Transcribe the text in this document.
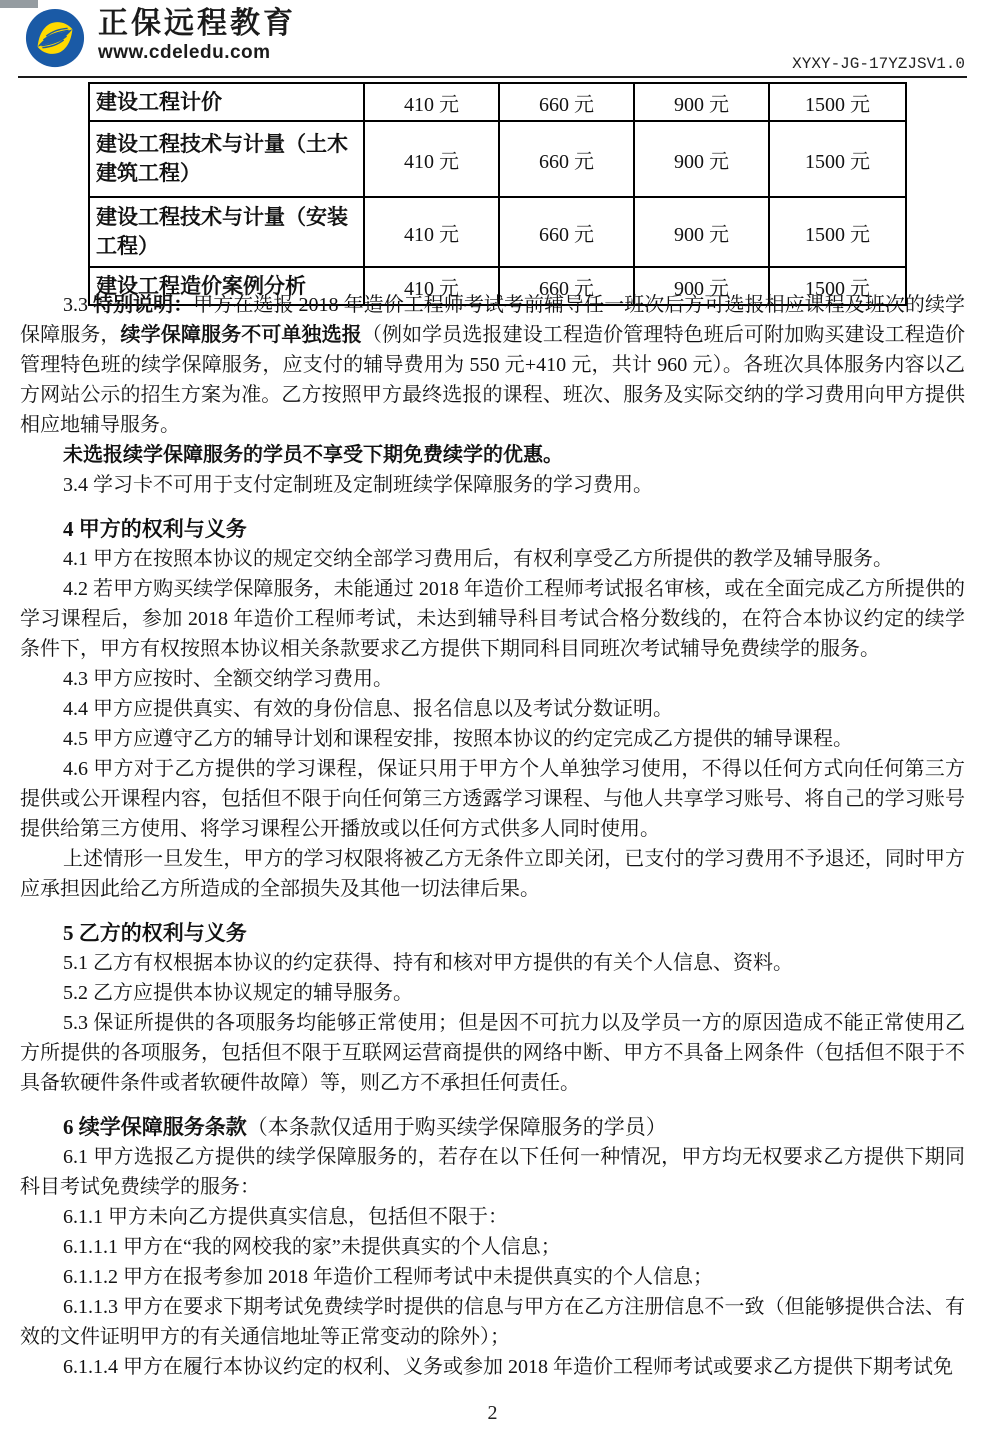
正保远程教育
www.cdeledu.com
XYXY-JG-17YZJSV1.0
建设工程计价	410 元	660 元	900 元	1500 元
建设工程技术与计量（土木建筑工程）	410 元	660 元	900 元	1500 元
建设工程技术与计量（安装工程）	410 元	660 元	900 元	1500 元
建设工程造价案例分析	410 元	660 元	900 元	1500 元

3.3 特别说明：甲方在选报 2018 年造价工程师考试考前辅导任一班次后方可选报相应课程及班次的续学保障服务，续学保障服务不可单独选报（例如学员选报建设工程造价管理特色班后可附加购买建设工程造价管理特色班的续学保障服务，应支付的辅导费用为 550 元+410 元，共计 960 元）。各班次具体服务内容以乙方网站公示的招生方案为准。乙方按照甲方最终选报的课程、班次、服务及实际交纳的学习费用向甲方提供相应地辅导服务。

未选报续学保障服务的学员不享受下期免费续学的优惠。

3.4 学习卡不可用于支付定制班及定制班续学保障服务的学习费用。

4 甲方的权利与义务

4.1 甲方在按照本协议的规定交纳全部学习费用后，有权利享受乙方所提供的教学及辅导服务。

4.2 若甲方购买续学保障服务，未能通过 2018 年造价工程师考试报名审核，或在全面完成乙方所提供的学习课程后，参加 2018 年造价工程师考试，未达到辅导科目考试合格分数线的，在符合本协议约定的续学条件下，甲方有权按照本协议相关条款要求乙方提供下期同科目同班次考试辅导免费续学的服务。

4.3 甲方应按时、全额交纳学习费用。

4.4 甲方应提供真实、有效的身份信息、报名信息以及考试分数证明。

4.5 甲方应遵守乙方的辅导计划和课程安排，按照本协议的约定完成乙方提供的辅导课程。

4.6 甲方对于乙方提供的学习课程，保证只用于甲方个人单独学习使用，不得以任何方式向任何第三方提供或公开课程内容，包括但不限于向任何第三方透露学习课程、与他人共享学习账号、将自己的学习账号提供给第三方使用、将学习课程公开播放或以任何方式供多人同时使用。

上述情形一旦发生，甲方的学习权限将被乙方无条件立即关闭，已支付的学习费用不予退还，同时甲方应承担因此给乙方所造成的全部损失及其他一切法律后果。

5 乙方的权利与义务

5.1 乙方有权根据本协议的约定获得、持有和核对甲方提供的有关个人信息、资料。

5.2 乙方应提供本协议规定的辅导服务。

5.3 保证所提供的各项服务均能够正常使用；但是因不可抗力以及学员一方的原因造成不能正常使用乙方所提供的各项服务，包括但不限于互联网运营商提供的网络中断、甲方不具备上网条件（包括但不限于不具备软硬件条件或者软硬件故障）等，则乙方不承担任何责任。

6 续学保障服务条款（本条款仅适用于购买续学保障服务的学员）

6.1 甲方选报乙方提供的续学保障服务的，若存在以下任何一种情况，甲方均无权要求乙方提供下期同科目考试免费续学的服务：

6.1.1 甲方未向乙方提供真实信息，包括但不限于：

6.1.1.1 甲方在“我的网校我的家”未提供真实的个人信息；

6.1.1.2 甲方在报考参加 2018 年造价工程师考试中未提供真实的个人信息；

6.1.1.3 甲方在要求下期考试免费续学时提供的信息与甲方在乙方注册信息不一致（但能够提供合法、有效的文件证明甲方的有关通信地址等正常变动的除外）；

6.1.1.4 甲方在履行本协议约定的权利、义务或参加 2018 年造价工程师考试或要求乙方提供下期考试免

2
